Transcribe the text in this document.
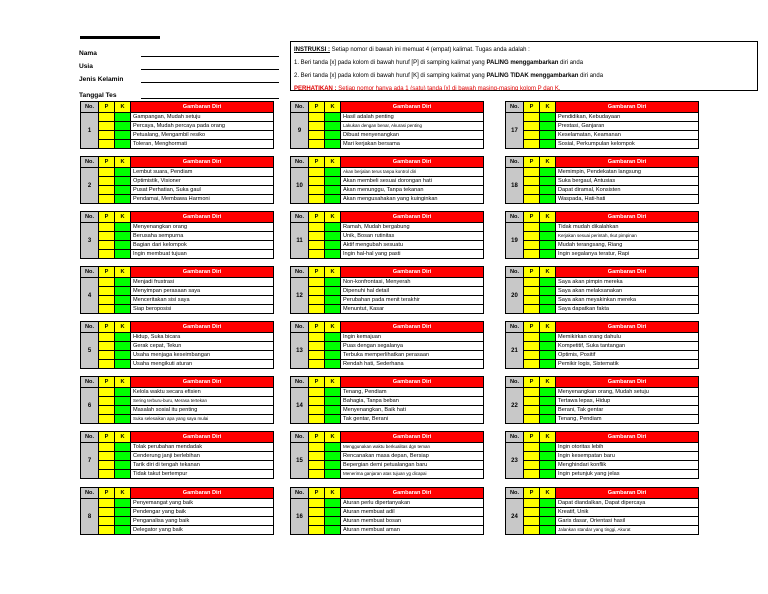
Nama
Usia
Jenis Kelamin
Tanggal Tes
INSTRUKSI : Setiap nomor di bawah ini memuat 4 (empat) kalimat. Tugas anda adalah :
1. Beri tanda [x] pada kolom di bawah huruf [P] di samping kalimat yang PALING menggambarkan diri anda
2. Beri tanda [x] pada kolom di bawah huruf [K] di samping kalimat yang PALING TIDAK menggambarkan diri anda
PERHATIKAN : Setiap nomor hanya ada 1 (satu) tanda [x] di bawah masing-masing kolom P dan K.
No.	P	K	Gambaran Diri
1
Gampangan, Mudah setuju
Percaya, Mudah percaya pada orang
Petualang, Mengambil resiko
Toleran, Menghormati
No.	P	K	Gambaran Diri
2
Lembut suara, Pendiam
Optimistik, Visioner
Pusat Perhatian, Suka gaul
Pendamai, Membawa Harmoni
No.	P	K	Gambaran Diri
3
Menyenangkan orang
Berusaha sempurna
Bagian dari kelompok
Ingin membuat tujuan
No.	P	K	Gambaran Diri
4
Menjadi frustrasi
Menyimpan perasaan saya
Menceritakan sisi saya
Siap beroposisi
No.	P	K	Gambaran Diri
5
Hidup, Suka bicara
Gerak cepat, Tekun
Usaha menjaga keseimbangan
Usaha mengikuti aturan
No.	P	K	Gambaran Diri
6
Kelola waktu secara efisien
Sering terburu-buru, Merasa tertekan
Masalah sosial itu penting
Suka selesaikan apa yang saya mulai
No.	P	K	Gambaran Diri
7
Tolak perubahan mendadak
Cenderung janji berlebihan
Tarik diri di tengah tekanan
Tidak takut bertempur
No.	P	K	Gambaran Diri
8
Penyemangat yang baik
Pendengar yang baik
Penganalisa yang baik
Delegator yang baik
No.	P	K	Gambaran Diri
9
Hasil adalah penting
Lakukan dengan benar, Akurasi penting
Dibuat menyenangkan
Mari kerjakan bersama
No.	P	K	Gambaran Diri
10
Akan berjalan terus tanpa kontrol diri
Akan membeli sesuai dorongan hati
Akan menunggu, Tanpa tekanan
Akan mengusahakan yang kuinginkan
No.	P	K	Gambaran Diri
11
Ramah, Mudah bergabung
Unik, Bosan rutinitas
Aktif mengubah sesuatu
Ingin hal-hal yang pasti
No.	P	K	Gambaran Diri
12
Non-konfrontasi, Menyerah
Dipenuhi hal detail
Perubahan pada menit terakhir
Menuntut, Kasar
No.	P	K	Gambaran Diri
13
Ingin kemajuan
Puas dengan segalanya
Terbuka memperlihatkan perasaan
Rendah hati, Sederhana
No.	P	K	Gambaran Diri
14
Tenang, Pendiam
Bahagia, Tanpa beban
Menyenangkan, Baik hati
Tak gentar, Berani
No.	P	K	Gambaran Diri
15
Menggunakan waktu berkualitas dgn teman
Rencanakan masa depan, Bersiap
Bepergian demi petualangan baru
Menerima ganjaran atas tujuan yg dicapai
No.	P	K	Gambaran Diri
16
Aturan perlu dipertanyakan
Aturan membuat adil
Aturan membuat bosan
Aturan membuat aman
No.	P	K	Gambaran Diri
17
Pendidikan, Kebudayaan
Prestasi, Ganjaran
Keselamatan, Keamanan
Sosial, Perkumpulan kelompok
No.	P	K	Gambaran Diri
18
Memimpin, Pendekatan langsung
Suka bergaul, Antusias
Dapat diramal, Konsisten
Waspada, Hati-hati
No.	P	K	Gambaran Diri
19
Tidak mudah dikalahkan
Kerjakan sesuai perintah, Ikut pimpinan
Mudah terangsang, Riang
Ingin segalanya teratur, Rapi
No.	P	K	Gambaran Diri
20
Saya akan pimpin mereka
Saya akan melaksanakan
Saya akan meyakinkan mereka
Saya dapatkan fakta
No.	P	K	Gambaran Diri
21
Memikirkan orang dahulu
Kompetitif, Suka tantangan
Optimis, Positif
Pemikir logis, Sistematik
No.	P	K	Gambaran Diri
22
Menyenangkan orang, Mudah setuju
Tertawa lepas, Hidup
Berani, Tak gentar
Tenang, Pendiam
No.	P	K	Gambaran Diri
23
Ingin otoritas lebih
Ingin kesempatan baru
Menghindari konflik
Ingin petunjuk yang jelas
No.	P	K	Gambaran Diri
24
Dapat diandalkan, Dapat dipercaya
Kreatif, Unik
Garis dasar, Orientasi hasil
Jalankan standar yang tinggi, Akurat
